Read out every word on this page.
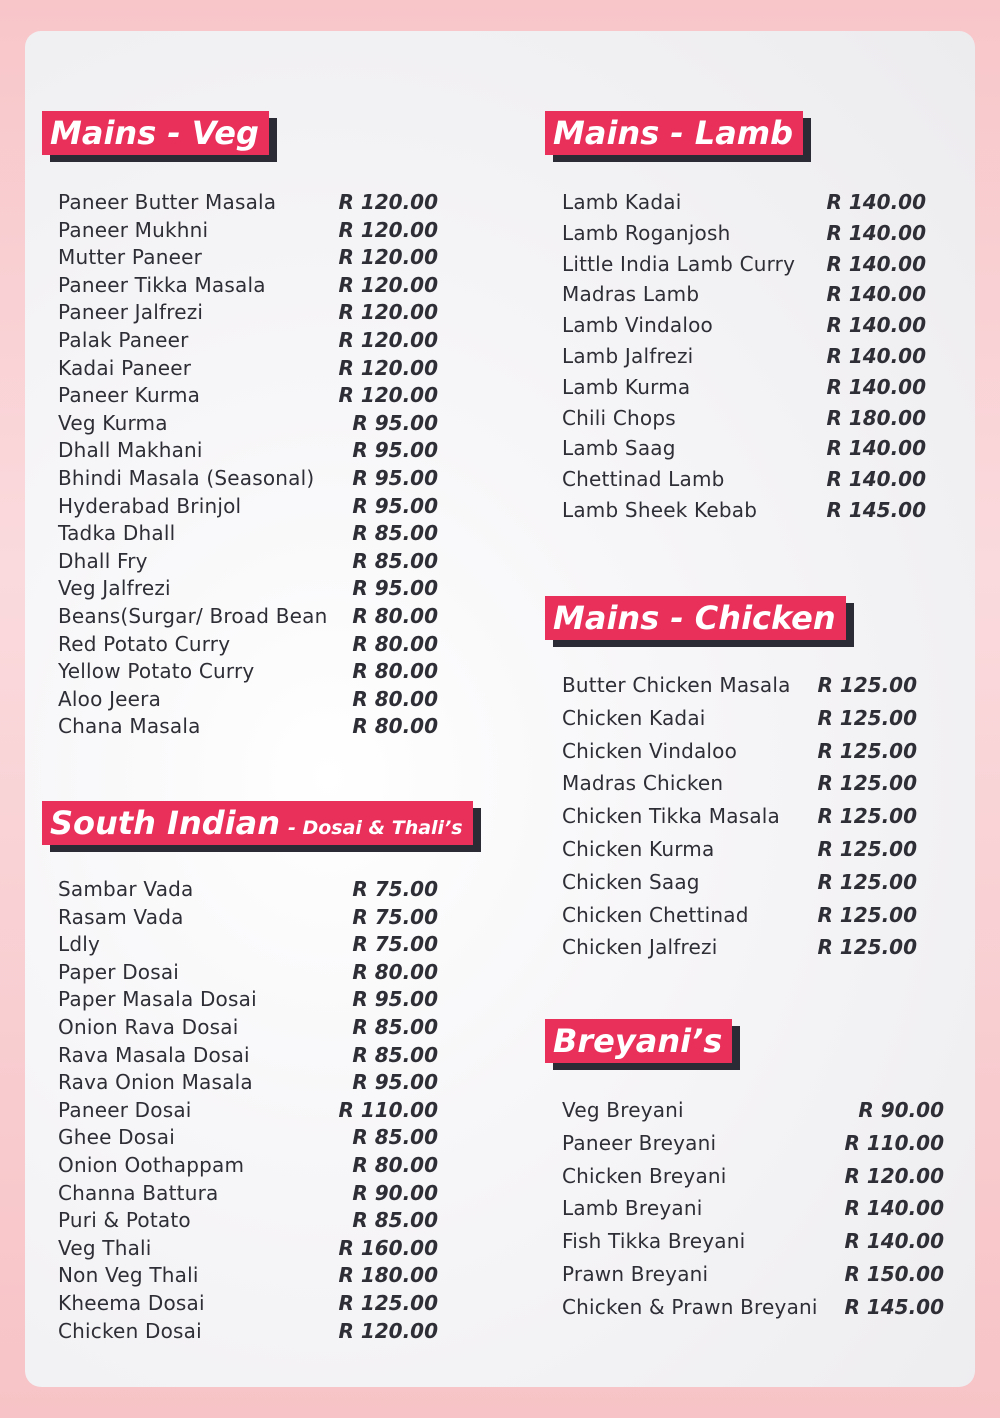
Mains - Veg
Paneer Butter Masala	R 120.00
Paneer Mukhni	R 120.00
Mutter Paneer	R 120.00
Paneer Tikka Masala	R 120.00
Paneer Jalfrezi	R 120.00
Palak Paneer	R 120.00
Kadai Paneer	R 120.00
Paneer Kurma	R 120.00
Veg Kurma	R 95.00
Dhall Makhani	R 95.00
Bhindi Masala (Seasonal) R 95.00
Hyderabad Brinjol	R 95.00
Tadka Dhall	R 85.00
Dhall Fry	R 85.00
Veg Jalfrezi	R 95.00
Beans(Surgar/ Broad Bean R 80.00
Red Potato Curry	R 80.00
Yellow Potato Curry	R 80.00
Aloo Jeera	R 80.00
Chana Masala	R 80.00
South Indian - Dosai & Thali’s
Sambar Vada	R 75.00
Rasam Vada	R 75.00
Ldly	R 75.00
Paper Dosai	R 80.00
Paper Masala Dosai	R 95.00
Onion Rava Dosai	R 85.00
Rava Masala Dosai	R 85.00
Rava Onion Masala	R 95.00
Paneer Dosai	R 110.00
Ghee Dosai	R 85.00
Onion Oothappam	R 80.00
Channa Battura	R 90.00
Puri & Potato	R 85.00
Veg Thali	R 160.00
Non Veg Thali	R 180.00
Kheema Dosai	R 125.00
Chicken Dosai	R 120.00
Mains - Lamb
Lamb Kadai	R 140.00
Lamb Roganjosh	R 140.00
Little India Lamb Curry R 140.00
Madras Lamb	R 140.00
Lamb Vindaloo	R 140.00
Lamb Jalfrezi	R 140.00
Lamb Kurma	R 140.00
Chili Chops	R 180.00
Lamb Saag	R 140.00
Chettinad Lamb	R 140.00
Lamb Sheek Kebab	R 145.00
Mains - Chicken
Butter Chicken Masala R 125.00
Chicken Kadai	R 125.00
Chicken Vindaloo	R 125.00
Madras Chicken	R 125.00
Chicken Tikka Masala R 125.00
Chicken Kurma	R 125.00
Chicken Saag	R 125.00
Chicken Chettinad	R 125.00
Chicken Jalfrezi	R 125.00
Breyani’s
Veg Breyani	R 90.00
Paneer Breyani	R 110.00
Chicken Breyani	R 120.00
Lamb Breyani	R 140.00
Fish Tikka Breyani	R 140.00
Prawn Breyani	R 150.00
Chicken & Prawn Breyani R 145.00
